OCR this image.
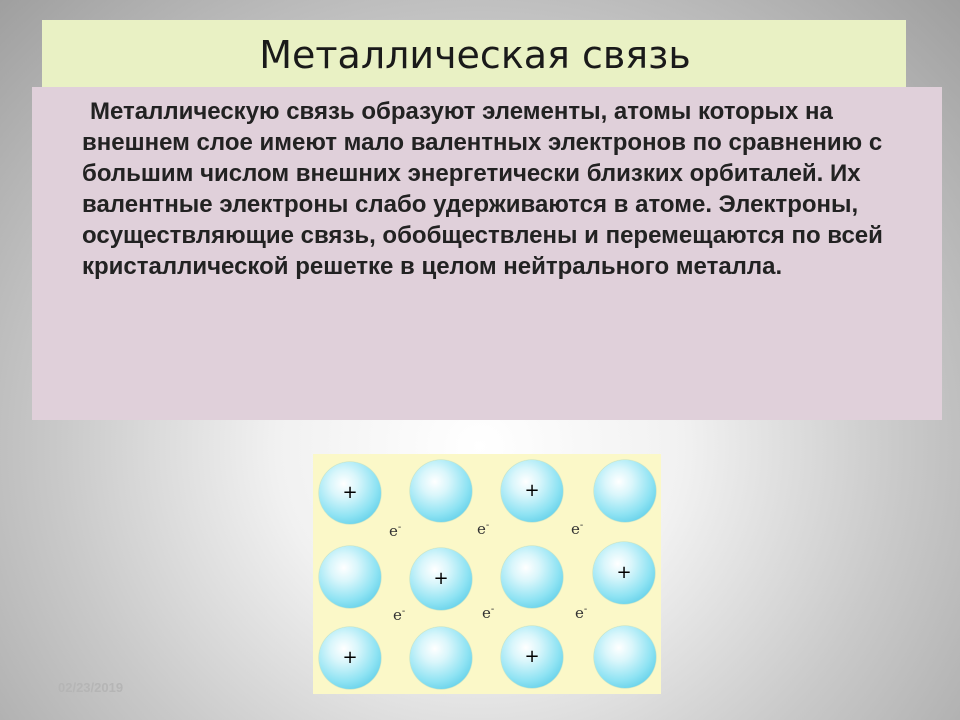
Металлическая связь
Металлическую связь образуют элементы, атомы которых на внешнем слое имеют мало валентных электронов по сравнению с большим числом внешних энергетически близких орбиталей. Их валентные электроны слабо удерживаются в атоме. Электроны, осуществляющие связь, обобществлены и перемещаются по всей кристаллической решетке в целом нейтрального металла.
+	+
+	+
+	+
e-	e-	e-
e-	e-	e-
02/23/2019
